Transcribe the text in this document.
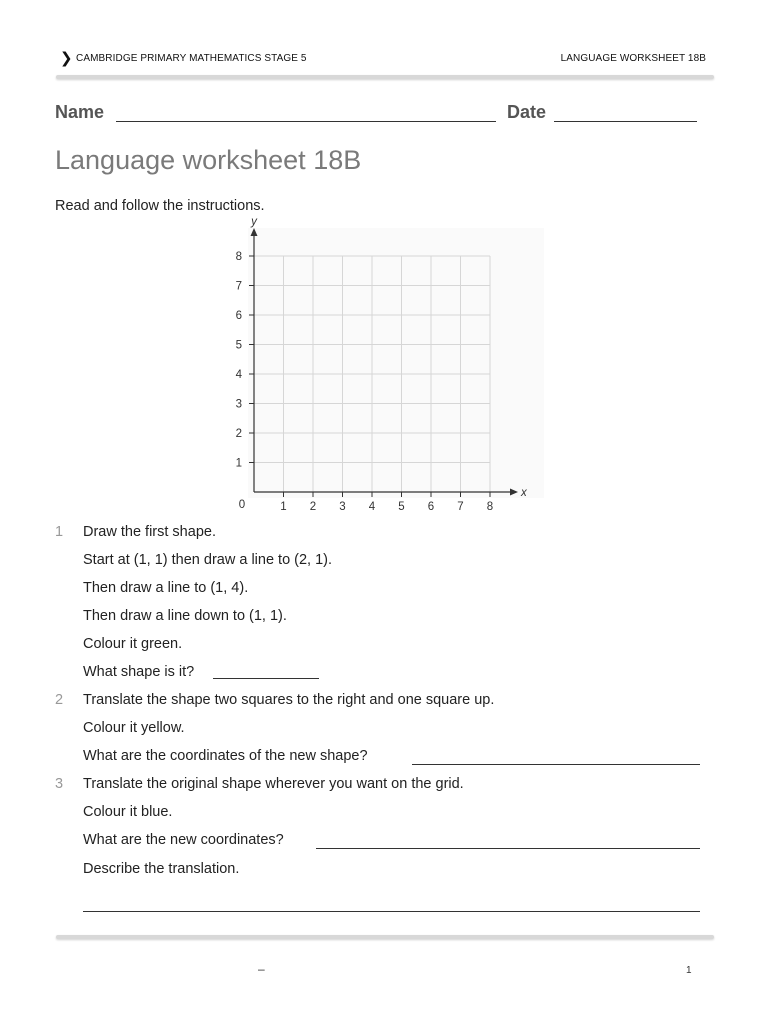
❯ CAMBRIDGE PRIMARY MATHEMATICS STAGE 5	LANGUAGE WORKSHEET 18B
Name	Date
Language worksheet 18B
Read and follow the instructions.
1 2 3 4 5 6 7 8
1
2
3
4
5
6
7
8
0
x
y
1 Draw the first shape.
Start at (1, 1) then draw a line to (2, 1).
Then draw a line to (1, 4).
Then draw a line down to (1, 1).
Colour it green.
What shape is it?
2 Translate the shape two squares to the right and one square up.
Colour it yellow.
What are the coordinates of the new shape?
3 Translate the original shape wherever you want on the grid.
Colour it blue.
What are the new coordinates?
Describe the translation.
–	1
